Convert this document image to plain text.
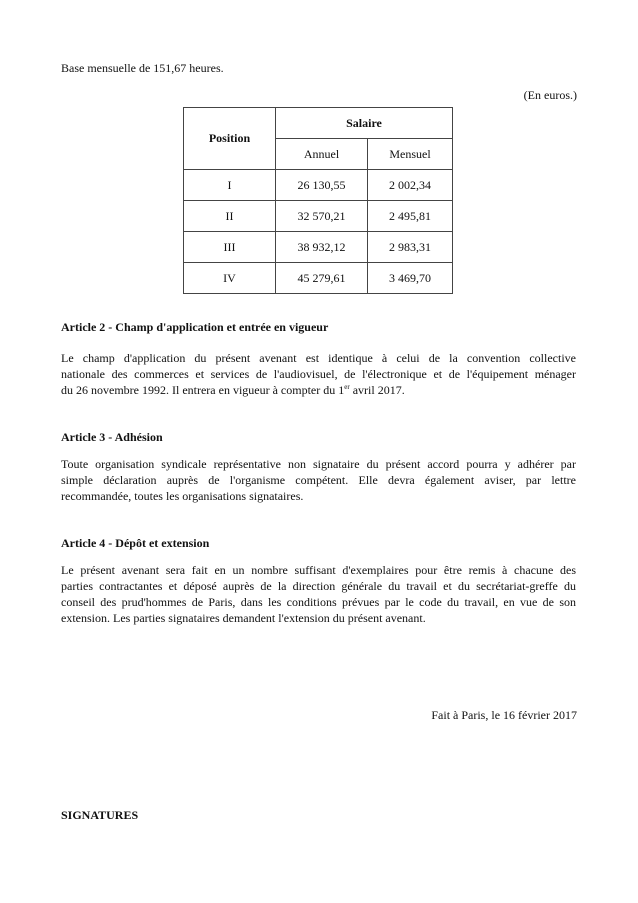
Base mensuelle de 151,67 heures.
(En euros.)
Position	Salaire	
	Annuel	Mensuel
I	26 130,55	2 002,34
II	32 570,21	2 495,81
III	38 932,12	2 983,31
IV	45 279,61	3 469,70
Article 2 - Champ d'application et entrée en vigueur
Le champ d'application du présent avenant est identique à celui de la convention collective
nationale des commerces et services de l'audiovisuel, de l'électronique et de l'équipement ménager
du 26 novembre 1992. Il entrera en vigueur à compter du 1er avril 2017.
Article 3 - Adhésion
Toute organisation syndicale représentative non signataire du présent accord pourra y adhérer par
simple déclaration auprès de l'organisme compétent. Elle devra également aviser, par lettre
recommandée, toutes les organisations signataires.
Article 4 - Dépôt et extension
Le présent avenant sera fait en un nombre suffisant d'exemplaires pour être remis à chacune des
parties contractantes et déposé auprès de la direction générale du travail et du secrétariat-greffe du
conseil des prud'hommes de Paris, dans les conditions prévues par le code du travail, en vue de son
extension. Les parties signataires demandent l'extension du présent avenant.
Fait à Paris, le 16 février 2017
SIGNATURES
